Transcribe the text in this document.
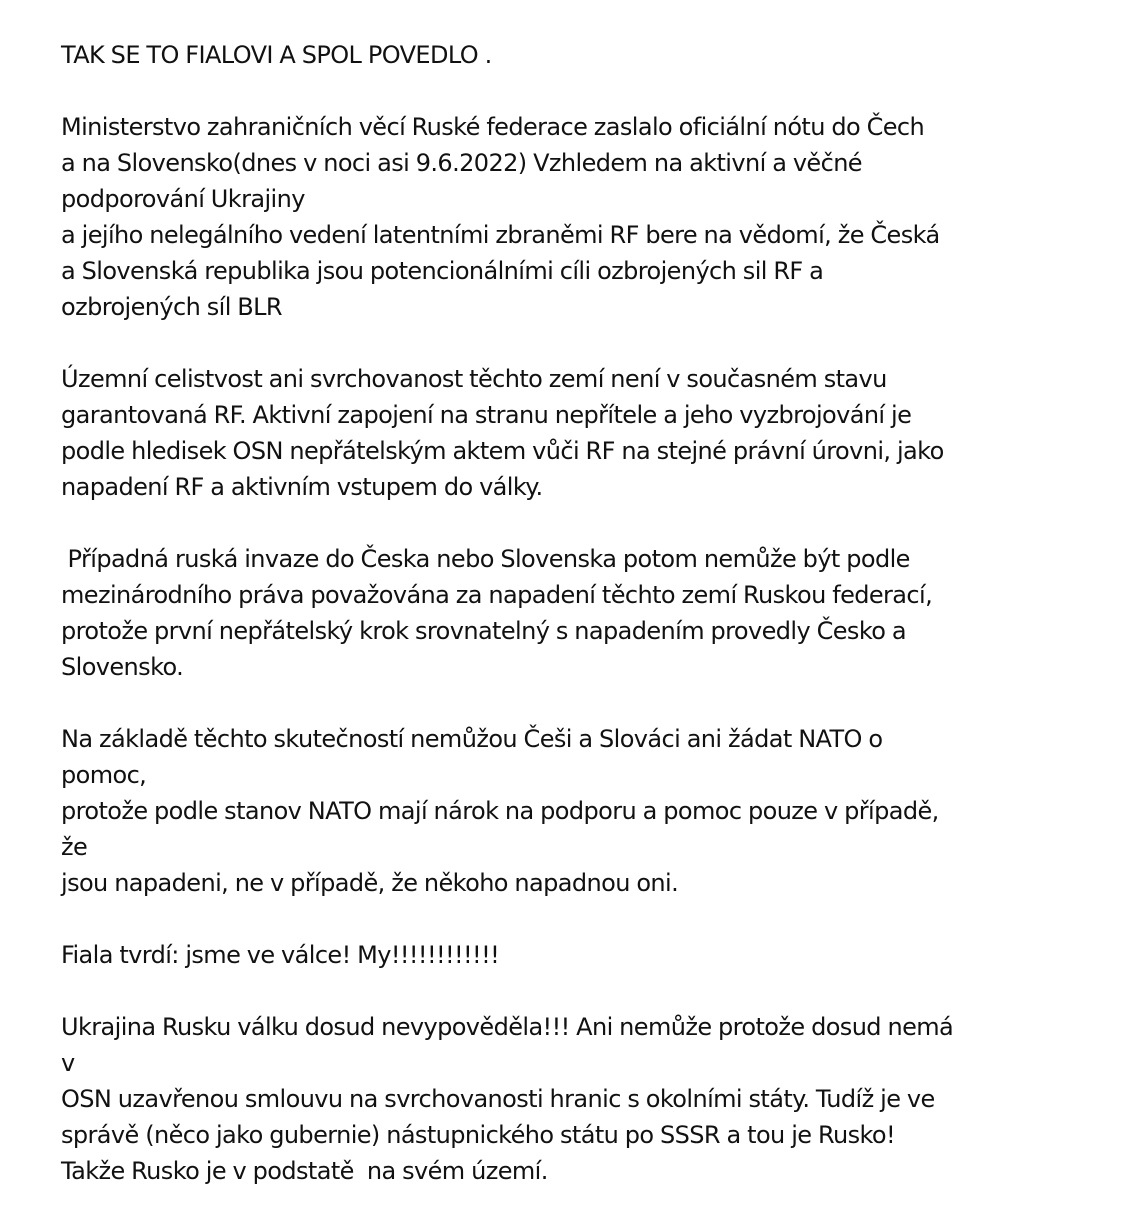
TAK SE TO FIALOVI A SPOL POVEDLO .
Ministerstvo zahraničních věcí Ruské federace zaslalo oficiální nótu do Čech
a na Slovensko(dnes v noci asi 9.6.2022) Vzhledem na aktivní a věčné
podporování Ukrajiny
a jejího nelegálního vedení latentními zbraněmi RF bere na vědomí, že Česká
a Slovenská republika jsou potencionálními cíli ozbrojených sil RF a
ozbrojených síl BLR
Územní celistvost ani svrchovanost těchto zemí není v současném stavu
garantovaná RF. Aktivní zapojení na stranu nepřítele a jeho vyzbrojování je
podle hledisek OSN nepřátelským aktem vůči RF na stejné právní úrovni, jako
napadení RF a aktivním vstupem do války.
Případná ruská invaze do Česka nebo Slovenska potom nemůže být podle
mezinárodního práva považována za napadení těchto zemí Ruskou federací,
protože první nepřátelský krok srovnatelný s napadením provedly Česko a
Slovensko.
Na základě těchto skutečností nemůžou Češi a Slováci ani žádat NATO o
pomoc,
protože podle stanov NATO mají nárok na podporu a pomoc pouze v případě,
že
jsou napadeni, ne v případě, že někoho napadnou oni.
Fiala tvrdí: jsme ve válce! My!!!!!!!!!!!!
Ukrajina Rusku válku dosud nevypověděla!!! Ani nemůže protože dosud nemá
v
OSN uzavřenou smlouvu na svrchovanosti hranic s okolními státy. Tudíž je ve
správě (něco jako gubernie) nástupnického státu po SSSR a tou je Rusko!
Takže Rusko je v podstatě  na svém území.
